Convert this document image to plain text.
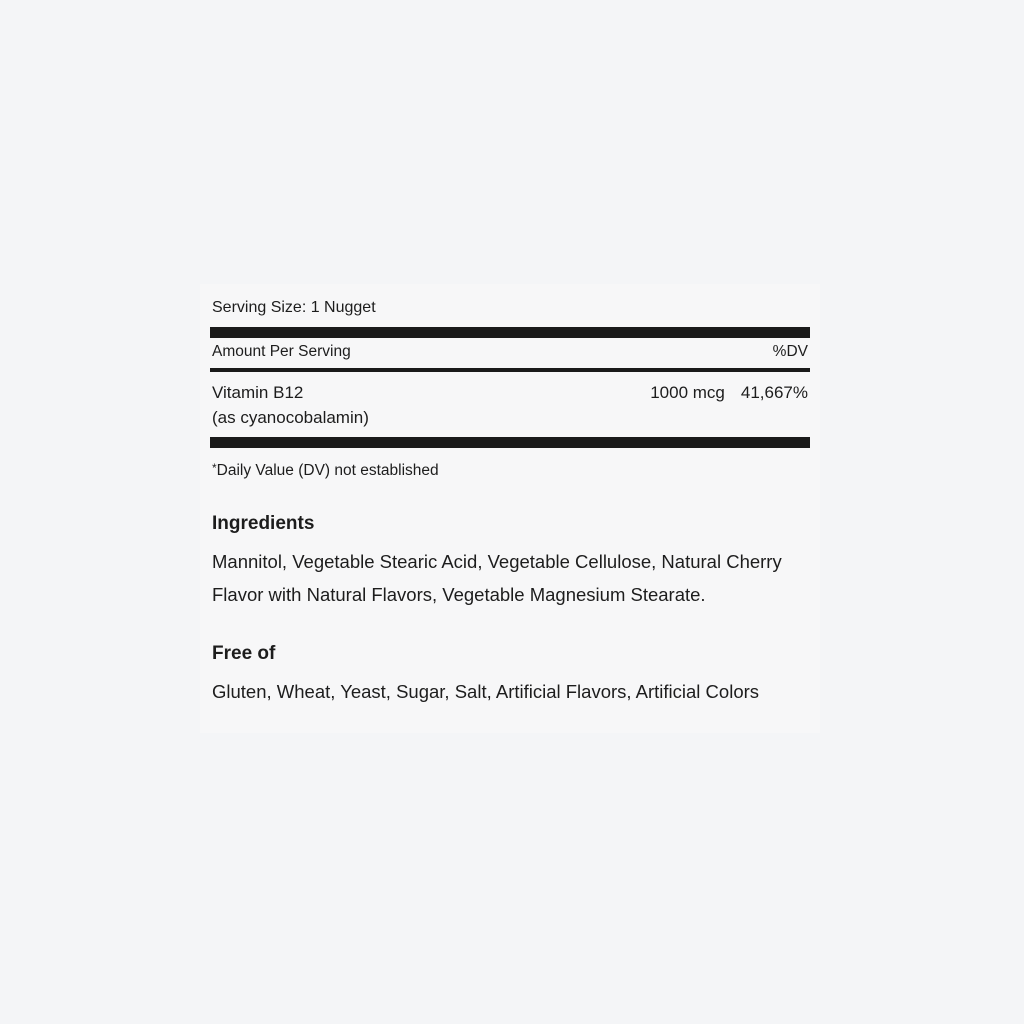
Serving Size: 1 Nugget
Amount Per Serving	%DV
Vitamin B12
(as cyanocobalamin)
1000 mcg 41,667%
*Daily Value (DV) not established
Ingredients
Mannitol, Vegetable Stearic Acid, Vegetable Cellulose, Natural Cherry Flavor with Natural Flavors, Vegetable Magnesium Stearate.
Free of
Gluten, Wheat, Yeast, Sugar, Salt, Artificial Flavors, Artificial Colors
